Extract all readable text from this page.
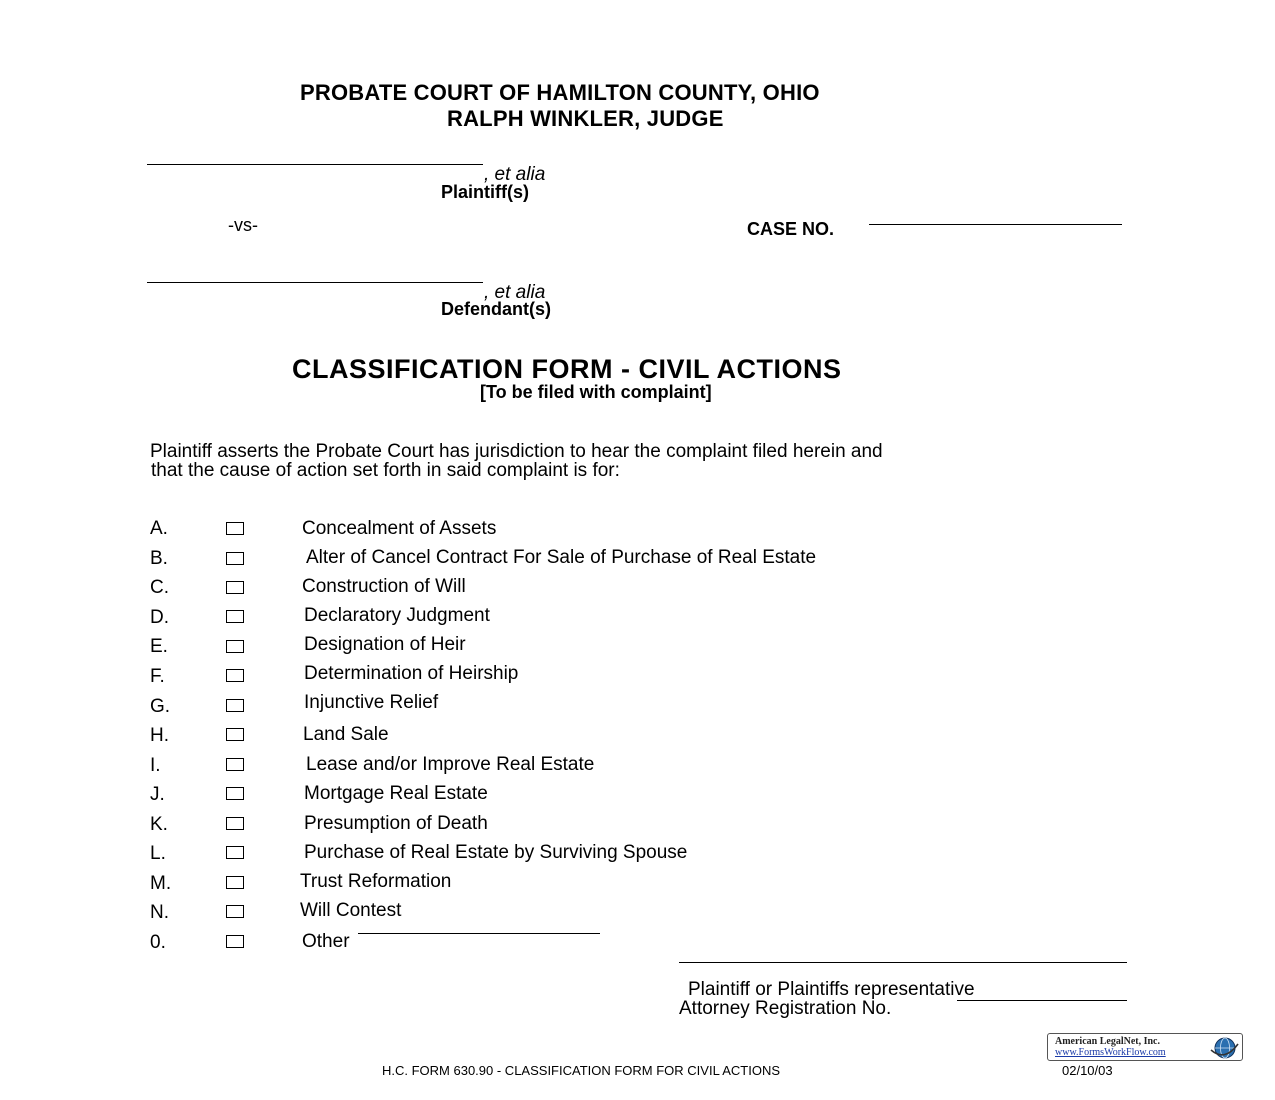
PROBATE COURT OF HAMILTON COUNTY, OHIO
RALPH WINKLER, JUDGE
, et alia
Plaintiff(s)
-vs-	CASE NO.
, et alia
Defendant(s)
CLASSIFICATION FORM - CIVIL ACTIONS
[To be filed with complaint]
Plaintiff asserts the Probate Court has jurisdiction to hear the complaint filed herein and
that the cause of action set forth in said complaint is for:
A.	Concealment of Assets
B.	Alter of Cancel Contract For Sale of Purchase of Real Estate
C.	Construction of Will
D.	Declaratory Judgment
E.	Designation of Heir
F.	Determination of Heirship
G.	Injunctive Relief
H.	Land Sale
I.	Lease and/or Improve Real Estate
J.	Mortgage Real Estate
K.	Presumption of Death
L.	Purchase of Real Estate by Surviving Spouse
M.	Trust Reformation
N.	Will Contest
0.	Other
Plaintiff or Plaintiffs representative
Attorney Registration No.
American LegalNet, Inc.
www.FormsWorkFlow.com
H.C. FORM 630.90 - CLASSIFICATION FORM FOR CIVIL ACTIONS	02/10/03
